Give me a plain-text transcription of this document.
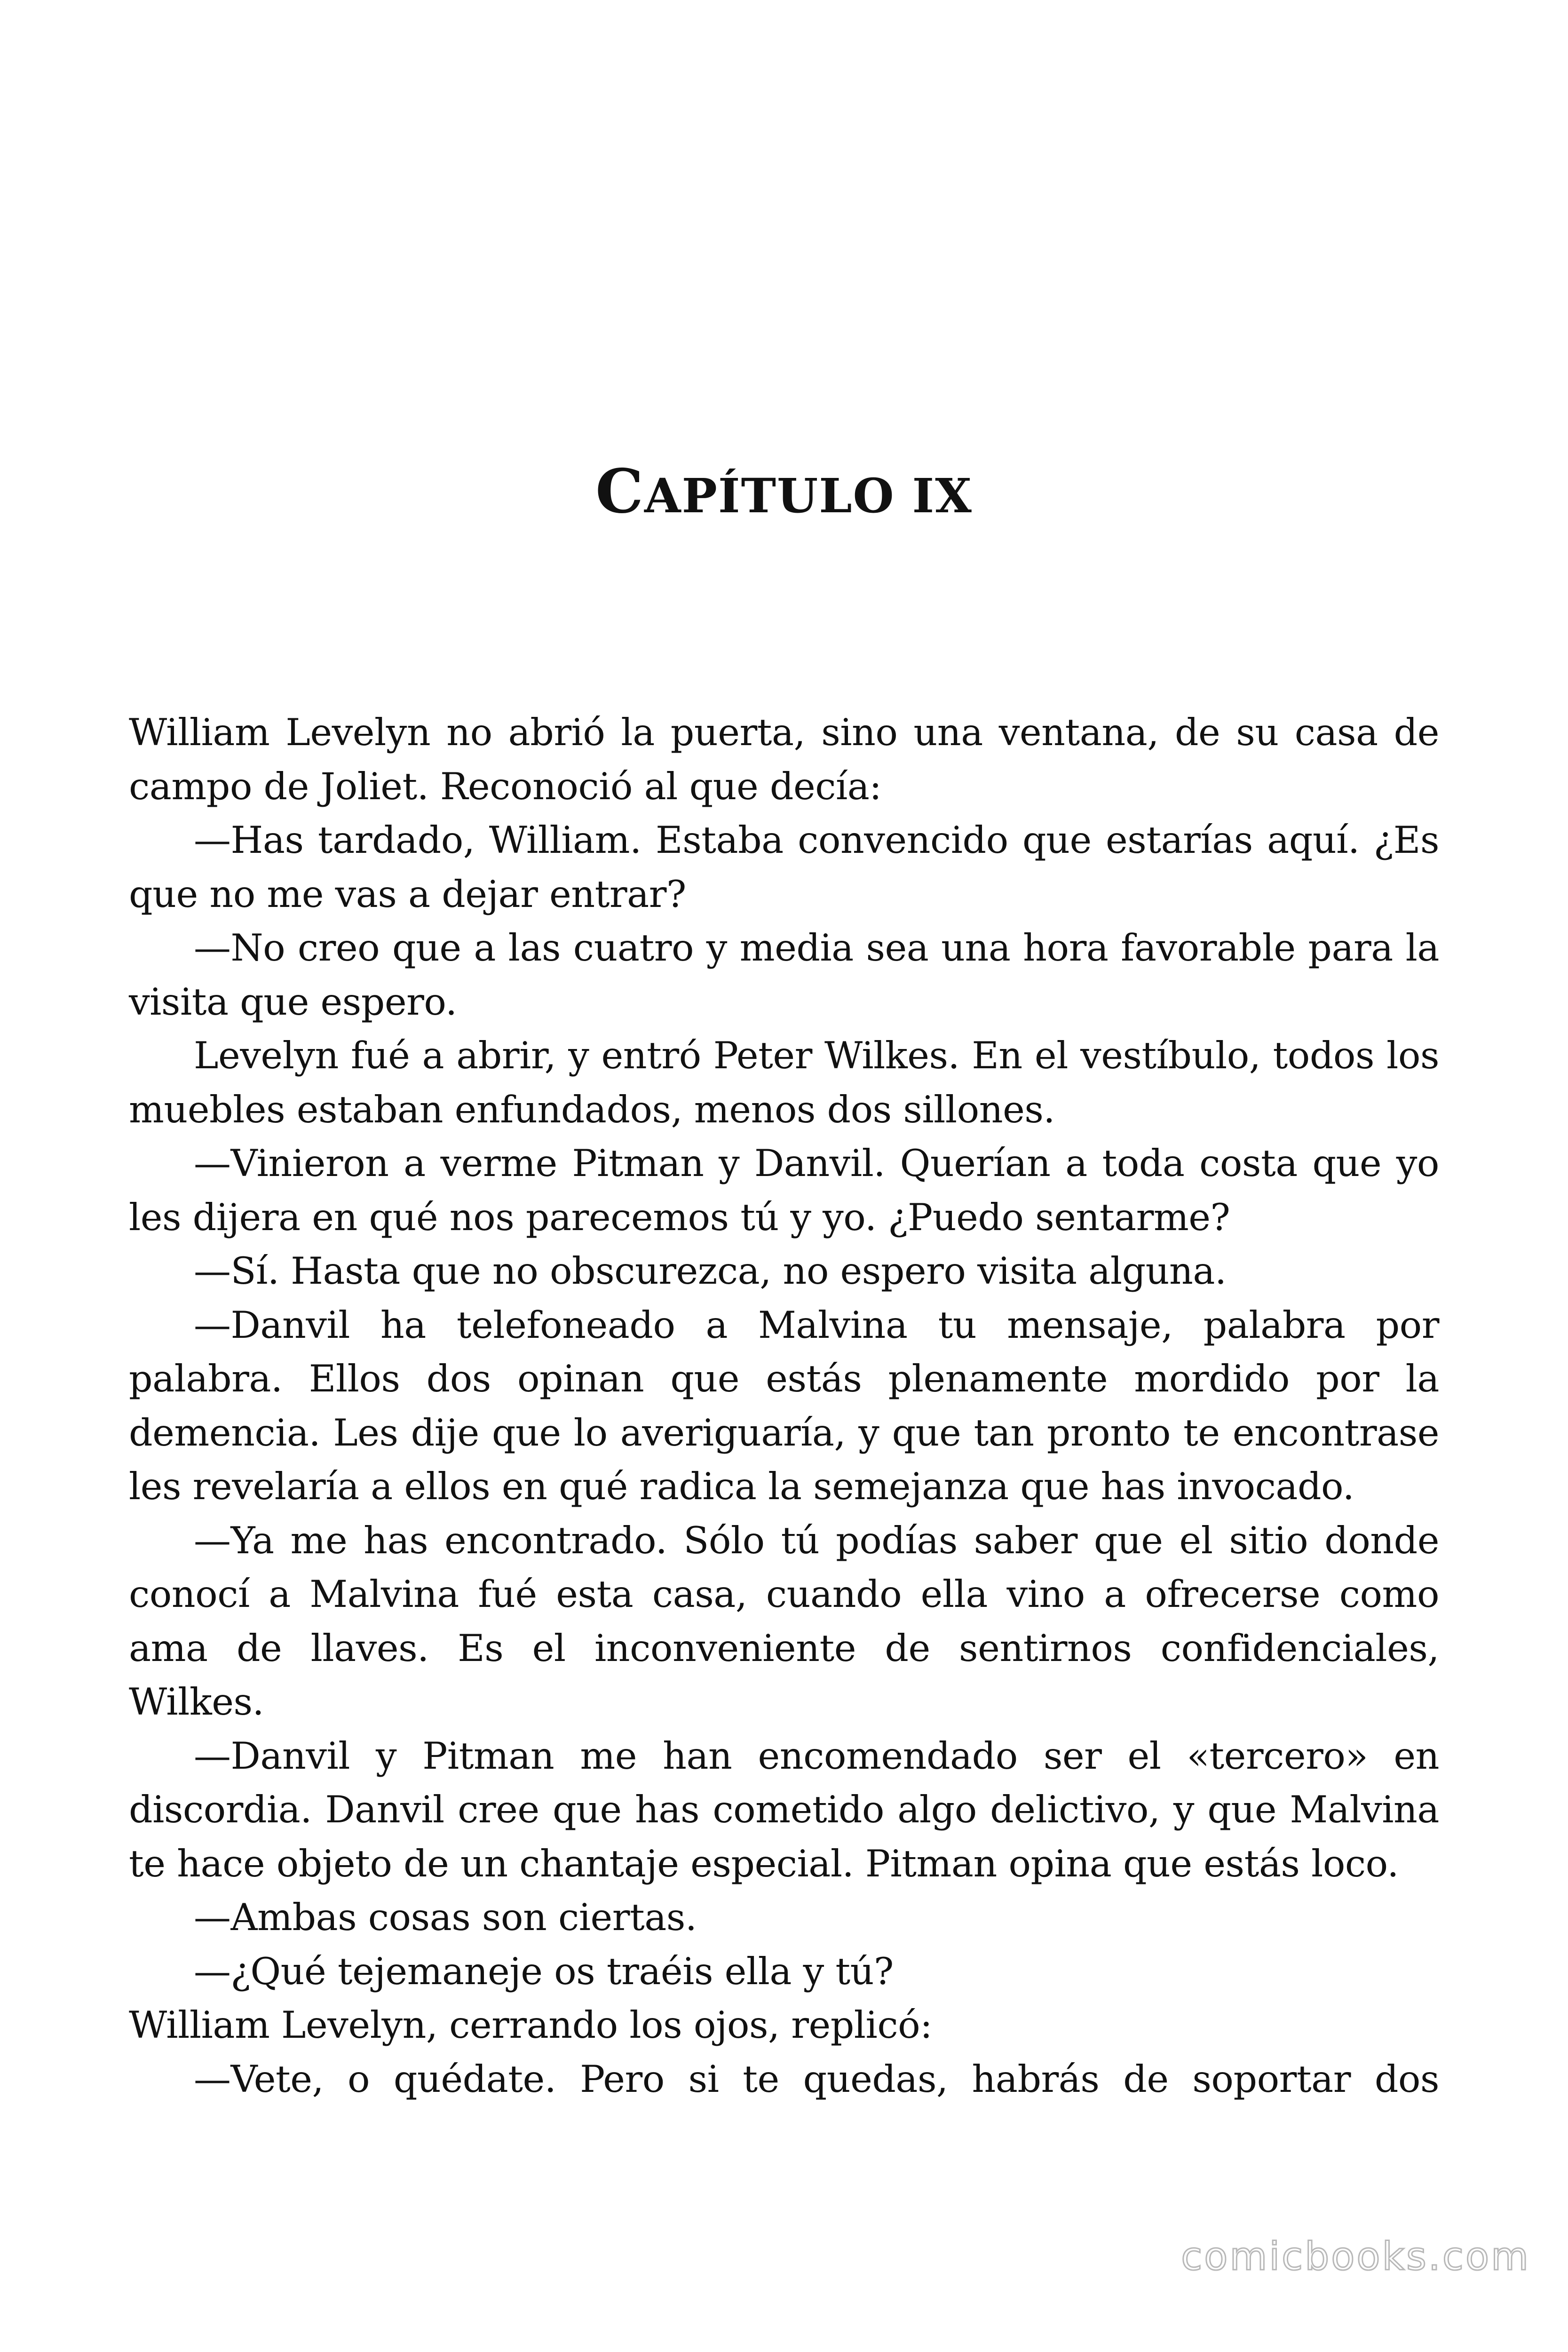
CAPÍTULO IX

William Levelyn no abrió la puerta, sino una ventana, de su casa de campo de Joliet. Reconoció al que decía:

—Has tardado, William. Estaba convencido que estarías aquí. ¿Es que no me vas a dejar entrar?

—No creo que a las cuatro y media sea una hora favorable para la visita que espero.

Levelyn fué a abrir, y entró Peter Wilkes. En el vestíbulo, todos los muebles estaban enfundados, menos dos sillones.

—Vinieron a verme Pitman y Danvil. Querían a toda costa que yo les dijera en qué nos parecemos tú y yo. ¿Puedo sentarme?

—Sí. Hasta que no obscurezca, no espero visita alguna.

—Danvil ha telefoneado a Malvina tu mensaje, palabra por palabra. Ellos dos opinan que estás plenamente mordido por la demencia. Les dije que lo averiguaría, y que tan pronto te encontrase les revelaría a ellos en qué radica la semejanza que has invocado.

—Ya me has encontrado. Sólo tú podías saber que el sitio donde conocí a Malvina fué esta casa, cuando ella vino a ofrecerse como ama de llaves. Es el inconveniente de sentirnos confidenciales, Wilkes.

—Danvil y Pitman me han encomendado ser el «tercero» en discordia. Danvil cree que has cometido algo delictivo, y que Malvina te hace objeto de un chantaje especial. Pitman opina que estás loco.

—Ambas cosas son ciertas.

—¿Qué tejemaneje os traéis ella y tú?

William Levelyn, cerrando los ojos, replicó:

—Vete, o quédate. Pero si te quedas, habrás de soportar dos

comicbooks.com
